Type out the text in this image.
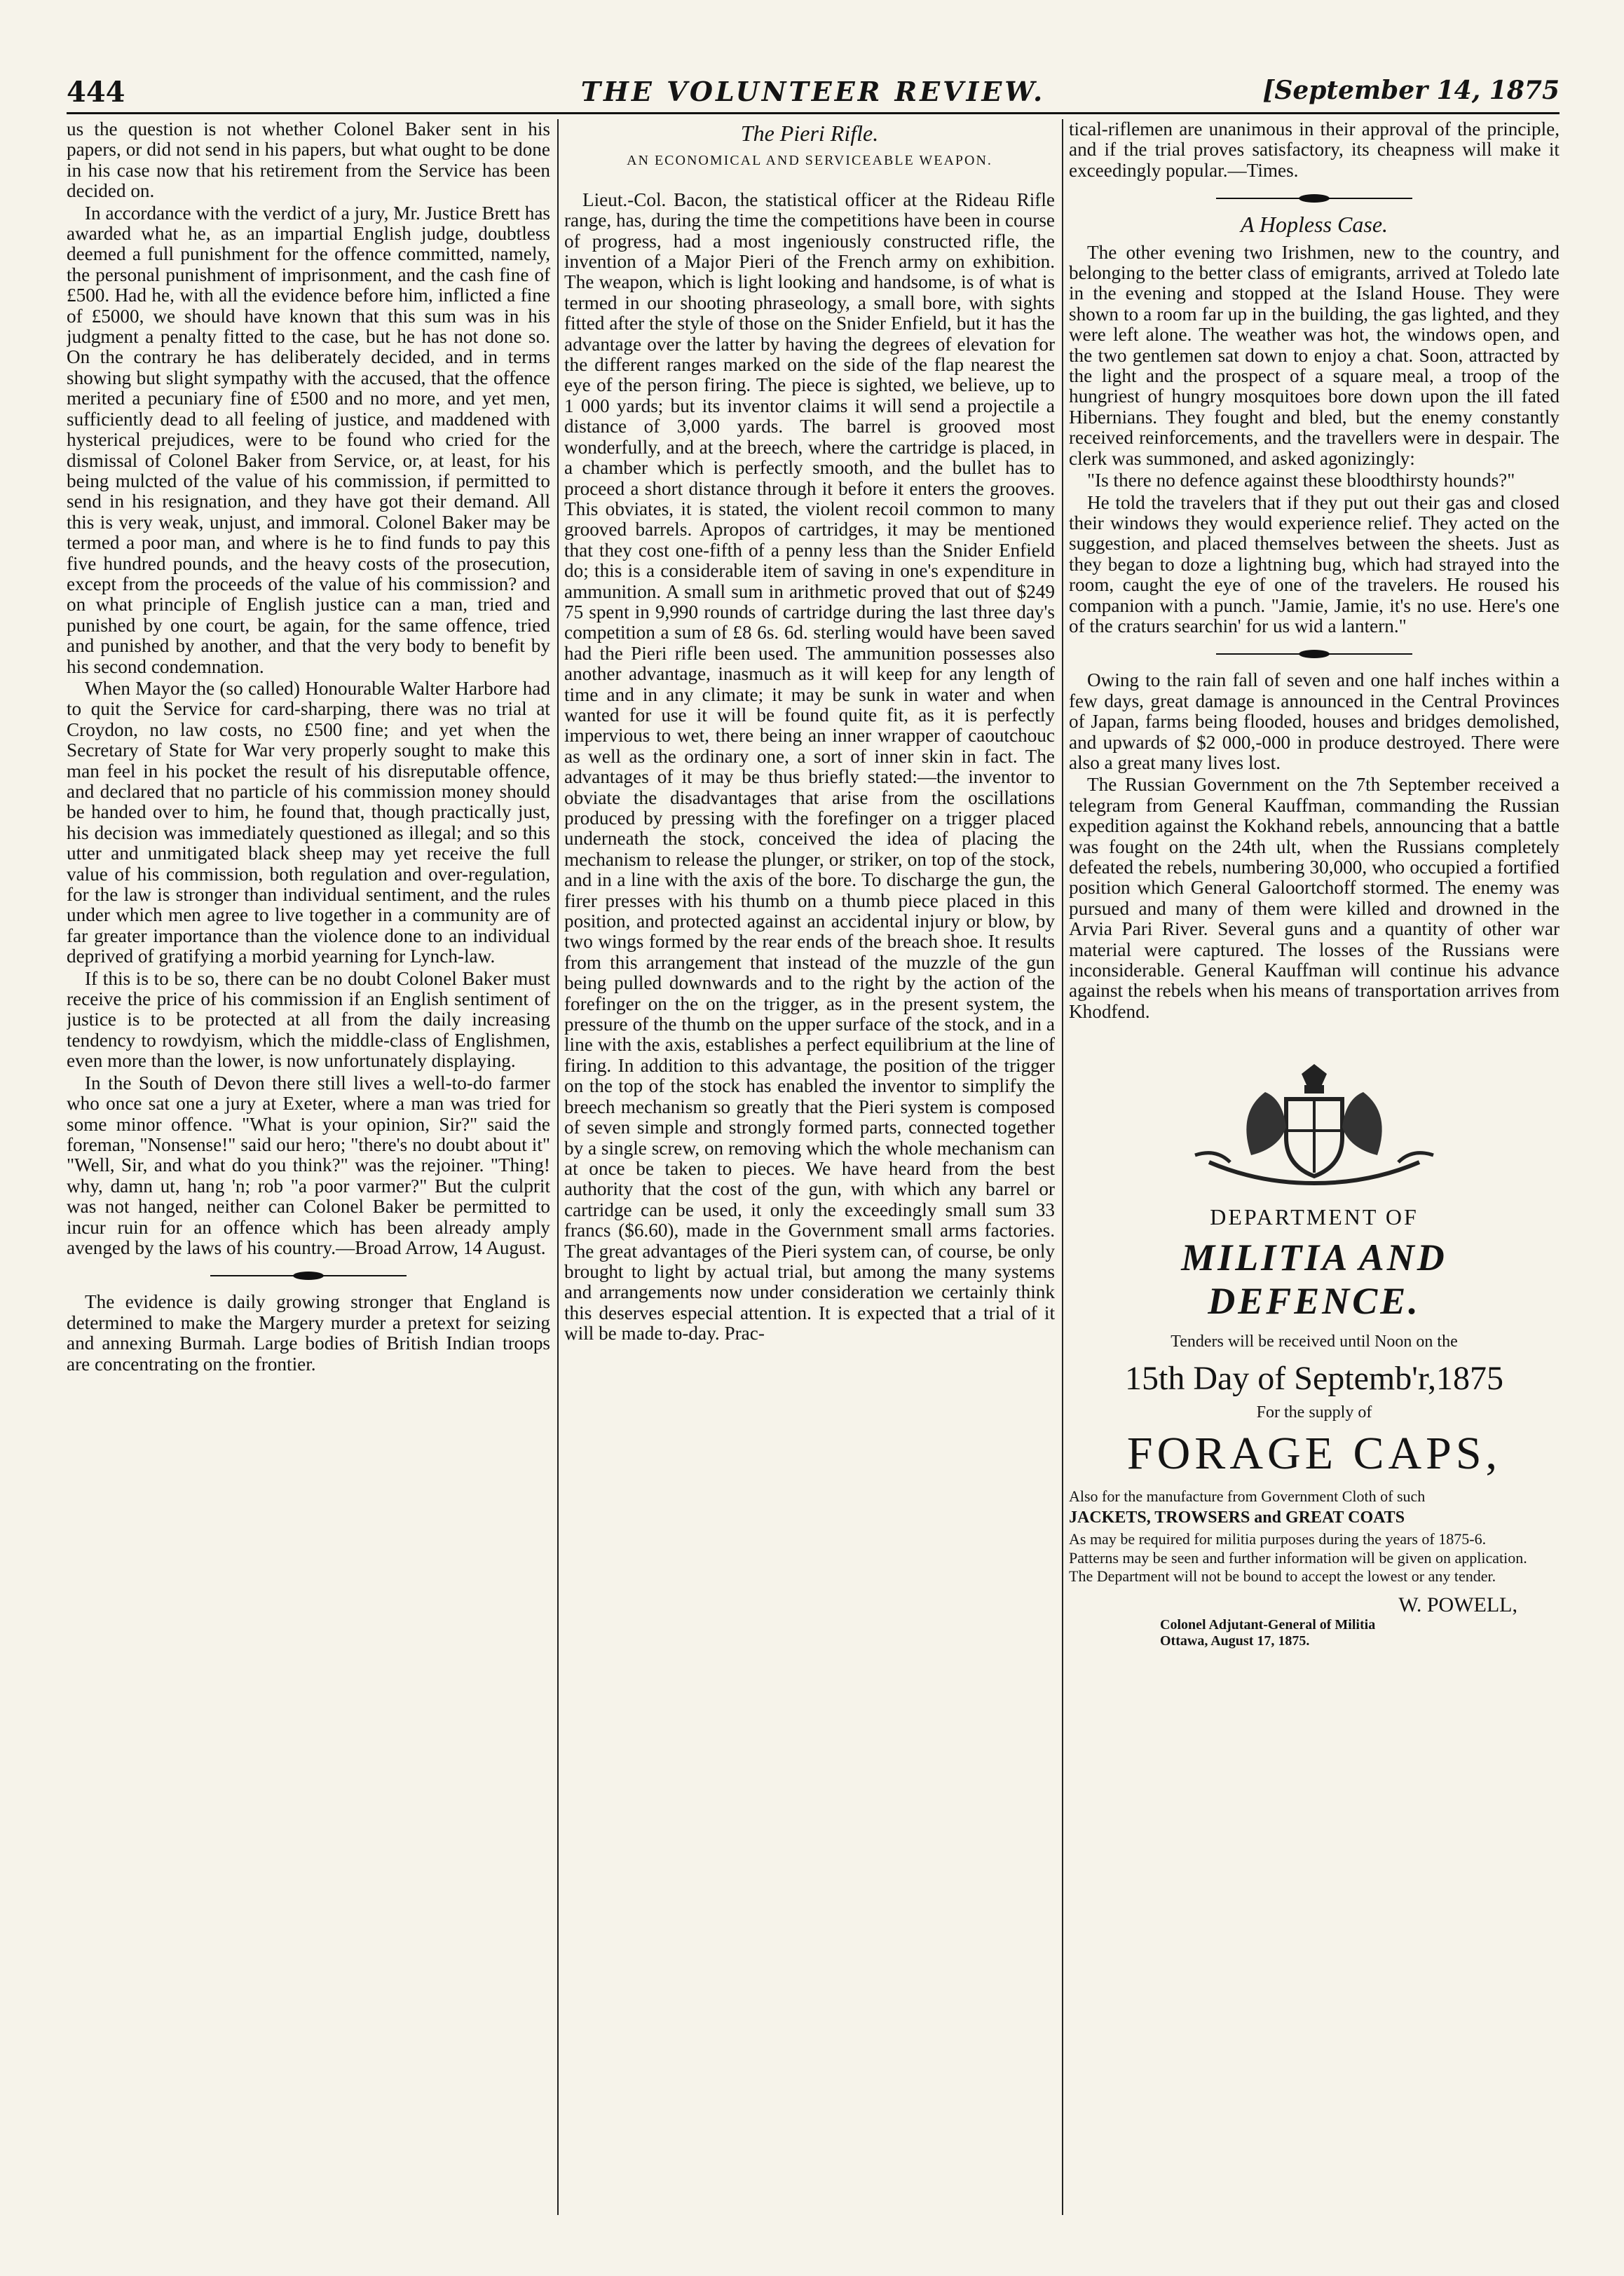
444	THE VOLUNTEER REVIEW.	[September 14, 1875

us the question is not whether Colonel Baker sent in his papers, or did not send in his papers, but what ought to be done in his case now that his retirement from the Service has been decided on.

In accordance with the verdict of a jury, Mr. Justice Brett has awarded what he, as an impartial English judge, doubtless deemed a full punishment for the offence committed, namely, the personal punishment of imprisonment, and the cash fine of £500. Had he, with all the evidence before him, inflicted a fine of £5000, we should have known that this sum was in his judgment a penalty fitted to the case, but he has not done so. On the contrary he has deliberately decided, and in terms showing but slight sympathy with the accused, that the offence merited a pecuniary fine of £500 and no more, and yet men, sufficiently dead to all feeling of justice, and maddened with hysterical prejudices, were to be found who cried for the dismissal of Colonel Baker from Service, or, at least, for his being mulcted of the value of his commission, if permitted to send in his resignation, and they have got their demand. All this is very weak, unjust, and immoral. Colonel Baker may be termed a poor man, and where is he to find funds to pay this five hundred pounds, and the heavy costs of the prosecution, except from the proceeds of the value of his commission? and on what principle of English justice can a man, tried and punished by one court, be again, for the same offence, tried and punished by another, and that the very body to benefit by his second condemnation.

When Mayor the (so called) Honourable Walter Harbore had to quit the Service for card-sharping, there was no trial at Croydon, no law costs, no £500 fine; and yet when the Secretary of State for War very properly sought to make this man feel in his pocket the result of his disreputable offence, and declared that no particle of his commission money should be handed over to him, he found that, though practically just, his decision was immediately questioned as illegal; and so this utter and unmitigated black sheep may yet receive the full value of his commission, both regulation and over-regulation, for the law is stronger than individual sentiment, and the rules under which men agree to live together in a community are of far greater importance than the violence done to an individual deprived of gratifying a morbid yearning for Lynch-law.

If this is to be so, there can be no doubt Colonel Baker must receive the price of his commission if an English sentiment of justice is to be protected at all from the daily increasing tendency to rowdyism, which the middle-class of Englishmen, even more than the lower, is now unfortunately displaying.

In the South of Devon there still lives a well-to-do farmer who once sat one a jury at Exeter, where a man was tried for some minor offence. "What is your opinion, Sir?" said the foreman, "Nonsense!" said our hero; "there's no doubt about it" "Well, Sir, and what do you think?" was the rejoiner. "Thing! why, damn ut, hang 'n; rob "a poor varmer?" But the culprit was not hanged, neither can Colonel Baker be permitted to incur ruin for an offence which has been already amply avenged by the laws of his country.—Broad Arrow, 14 August.

The evidence is daily growing stronger that England is determined to make the Margery murder a pretext for seizing and annexing Burmah. Large bodies of British Indian troops are concentrating on the frontier.

The Pieri Rifle.
AN ECONOMICAL AND SERVICEABLE WEAPON.

Lieut.-Col. Bacon, the statistical officer at the Rideau Rifle range, has, during the time the competitions have been in course of progress, had a most ingeniously constructed rifle, the invention of a Major Pieri of the French army on exhibition. The weapon, which is light looking and handsome, is of what is termed in our shooting phraseology, a small bore, with sights fitted after the style of those on the Snider Enfield, but it has the advantage over the latter by having the degrees of elevation for the different ranges marked on the side of the flap nearest the eye of the person firing. The piece is sighted, we believe, up to 1 000 yards; but its inventor claims it will send a projectile a distance of 3,000 yards. The barrel is grooved most wonderfully, and at the breech, where the cartridge is placed, in a chamber which is perfectly smooth, and the bullet has to proceed a short distance through it before it enters the grooves. This obviates, it is stated, the violent recoil common to many grooved barrels. Apropos of cartridges, it may be mentioned that they cost one-fifth of a penny less than the Snider Enfield do; this is a considerable item of saving in one's expenditure in ammunition. A small sum in arithmetic proved that out of $249 75 spent in 9,990 rounds of cartridge during the last three day's competition a sum of £8 6s. 6d. sterling would have been saved had the Pieri rifle been used. The ammunition possesses also another advantage, inasmuch as it will keep for any length of time and in any climate; it may be sunk in water and when wanted for use it will be found quite fit, as it is perfectly impervious to wet, there being an inner wrapper of caoutchouc as well as the ordinary one, a sort of inner skin in fact. The advantages of it may be thus briefly stated:—the inventor to obviate the disadvantages that arise from the oscillations produced by pressing with the forefinger on a trigger placed underneath the stock, conceived the idea of placing the mechanism to release the plunger, or striker, on top of the stock, and in a line with the axis of the bore. To discharge the gun, the firer presses with his thumb on a thumb piece placed in this position, and protected against an accidental injury or blow, by two wings formed by the rear ends of the breach shoe. It results from this arrangement that instead of the muzzle of the gun being pulled downwards and to the right by the action of the forefinger on the on the trigger, as in the present system, the pressure of the thumb on the upper surface of the stock, and in a line with the axis, establishes a perfect equilibrium at the line of firing. In addition to this advantage, the position of the trigger on the top of the stock has enabled the inventor to simplify the breech mechanism so greatly that the Pieri system is composed of seven simple and strongly formed parts, connected together by a single screw, on removing which the whole mechanism can at once be taken to pieces. We have heard from the best authority that the cost of the gun, with which any barrel or cartridge can be used, it only the exceedingly small sum 33 francs ($6.60), made in the Government small arms factories. The great advantages of the Pieri system can, of course, be only brought to light by actual trial, but among the many systems and arrangements now under consideration we certainly think this deserves especial attention. It is expected that a trial of it will be made to-day. Prac-

tical-riflemen are unanimous in their approval of the principle, and if the trial proves satisfactory, its cheapness will make it exceedingly popular.—Times.

A Hopless Case.

The other evening two Irishmen, new to the country, and belonging to the better class of emigrants, arrived at Toledo late in the evening and stopped at the Island House. They were shown to a room far up in the building, the gas lighted, and they were left alone. The weather was hot, the windows open, and the two gentlemen sat down to enjoy a chat. Soon, attracted by the light and the prospect of a square meal, a troop of the hungriest of hungry mosquitoes bore down upon the ill fated Hibernians. They fought and bled, but the enemy constantly received reinforcements, and the travellers were in despair. The clerk was summoned, and asked agonizingly:

"Is there no defence against these bloodthirsty hounds?"

He told the travelers that if they put out their gas and closed their windows they would experience relief. They acted on the suggestion, and placed themselves between the sheets. Just as they began to doze a lightning bug, which had strayed into the room, caught the eye of one of the travelers. He roused his companion with a punch. "Jamie, Jamie, it's no use. Here's one of the craturs searchin' for us wid a lantern."

Owing to the rain fall of seven and one half inches within a few days, great damage is announced in the Central Provinces of Japan, farms being flooded, houses and bridges demolished, and upwards of $2 000,-000 in produce destroyed. There were also a great many lives lost.

The Russian Government on the 7th September received a telegram from General Kauffman, commanding the Russian expedition against the Kokhand rebels, announcing that a battle was fought on the 24th ult, when the Russians completely defeated the rebels, numbering 30,000, who occupied a fortified position which General Galoortchoff stormed. The enemy was pursued and many of them were killed and drowned in the Arvia Pari River. Several guns and a quantity of other war material were captured. The losses of the Russians were inconsiderable. General Kauffman will continue his advance against the rebels when his means of transportation arrives from Khodfend.

DEPARTMENT OF
MILITIA AND DEFENCE.
Tenders will be received until Noon on the
15th Day of Septemb'r,1875
For the supply of
FORAGE CAPS,
Also for the manufacture from Government Cloth of such
JACKETS, TROWSERS and GREAT COATS
As may be required for militia purposes during the years of 1875-6.
Patterns may be seen and further information will be given on application.
The Department will not be bound to accept the lowest or any tender.
W. POWELL,
Colonel Adjutant-General of Militia
Ottawa, August 17, 1875.
